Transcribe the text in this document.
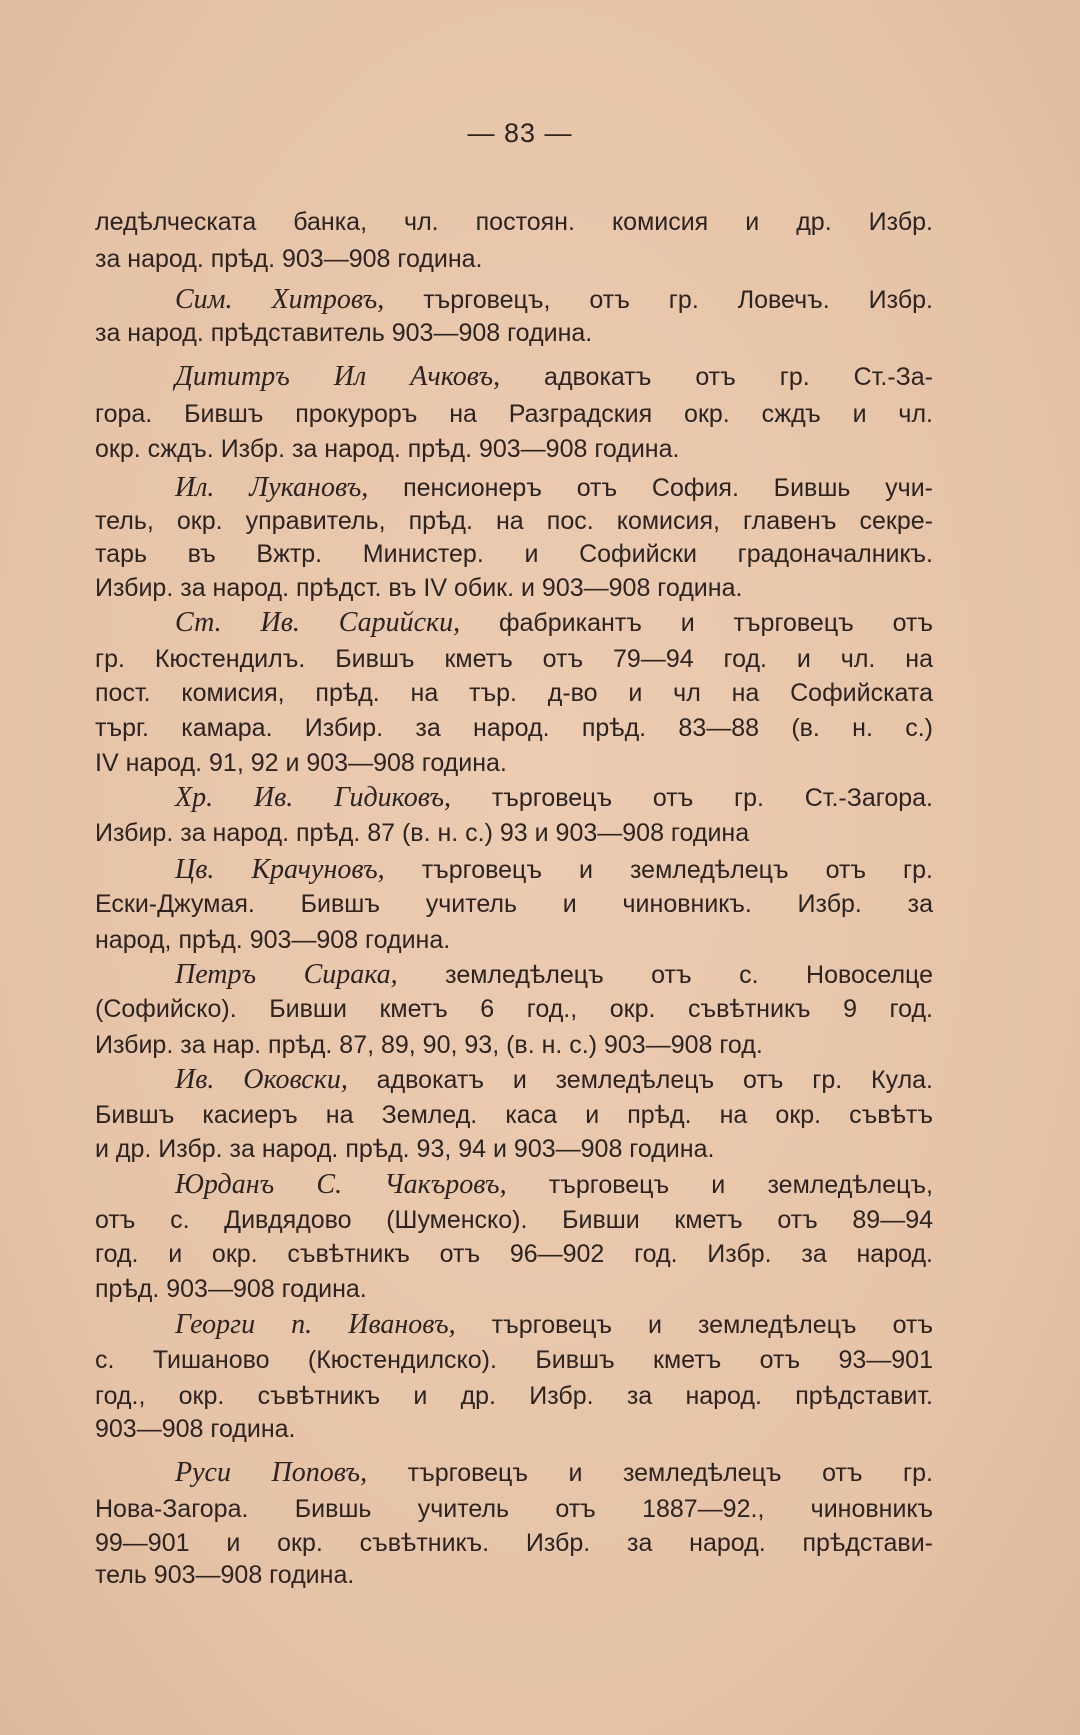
— 83 —
ледѣлческата банка, чл. постоян. комисия и др. Избр.
за народ. прѣд. 903—908 година.
Сим. Хитровъ, търговецъ, отъ гр. Ловечъ. Избр.
за народ. прѣдставитель 903—908 година.
Дититръ Ил Ачковъ, адвокатъ отъ гр. Ст.-За-
гора. Бившъ прокуроръ на Разградския окр. сждъ и чл.
окр. сждъ. Избр. за народ. прѣд. 903—908 година.
Ил. Лукановъ, пенсионеръ отъ София. Бившь учи-
тель, окр. управитель, прѣд. на пос. комисия, главенъ секре-
тарь въ Вжтр. Министер. и Софийски градоначалникъ.
Избир. за народ. прѣдст. въ IV обик. и 903—908 година.
Ст. Ив. Сарийски, фабрикантъ и търговецъ отъ
гр. Кюстендилъ. Бившъ кметъ отъ 79—94 год. и чл. на
пост. комисия, прѣд. на тър. д-во и чл на Софийската
търг. камара. Избир. за народ. прѣд. 83—88 (в. н. с.)
IV народ. 91, 92 и 903—908 година.
Хр. Ив. Гидиковъ, търговецъ отъ гр. Ст.-Загора.
Избир. за народ. прѣд. 87 (в. н. с.) 93 и 903—908 година
Цв. Крачуновъ, търговецъ и земледѣлецъ отъ гр.
Ески-Джумая. Бившъ учитель и чиновникъ. Избр. за
народ, прѣд. 903—908 година.
Петръ Сирака, земледѣлецъ отъ с. Новоселце
(Софийско). Бивши кметъ 6 год., окр. съвѣтникъ 9 год.
Избир. за нар. прѣд. 87, 89, 90, 93, (в. н. с.) 903—908 год.
Ив. Оковски, адвокатъ и земледѣлецъ отъ гр. Кула.
Бившъ касиеръ на Землед. каса и прѣд. на окр. съвѣтъ
и др. Избр. за народ. прѣд. 93, 94 и 903—908 година.
Юрданъ С. Чакъровъ, търговецъ и земледѣлецъ,
отъ с. Дивдядово (Шуменско). Бивши кметъ отъ 89—94
год. и окр. съвѣтникъ отъ 96—902 год. Избр. за народ.
прѣд. 903—908 година.
Георги п. Ивановъ, търговецъ и земледѣлецъ отъ
с. Тишаново (Кюстендилско). Бившъ кметъ отъ 93—901
год., окр. съвѣтникъ и др. Избр. за народ. прѣдставит.
903—908 година.
Руси Поповъ, търговецъ и земледѣлецъ отъ гр.
Нова-Загора. Бившь учитель отъ 1887—92., чиновникъ
99—901 и окр. съвѣтникъ. Избр. за народ. прѣдстави-
тель 903—908 година.
